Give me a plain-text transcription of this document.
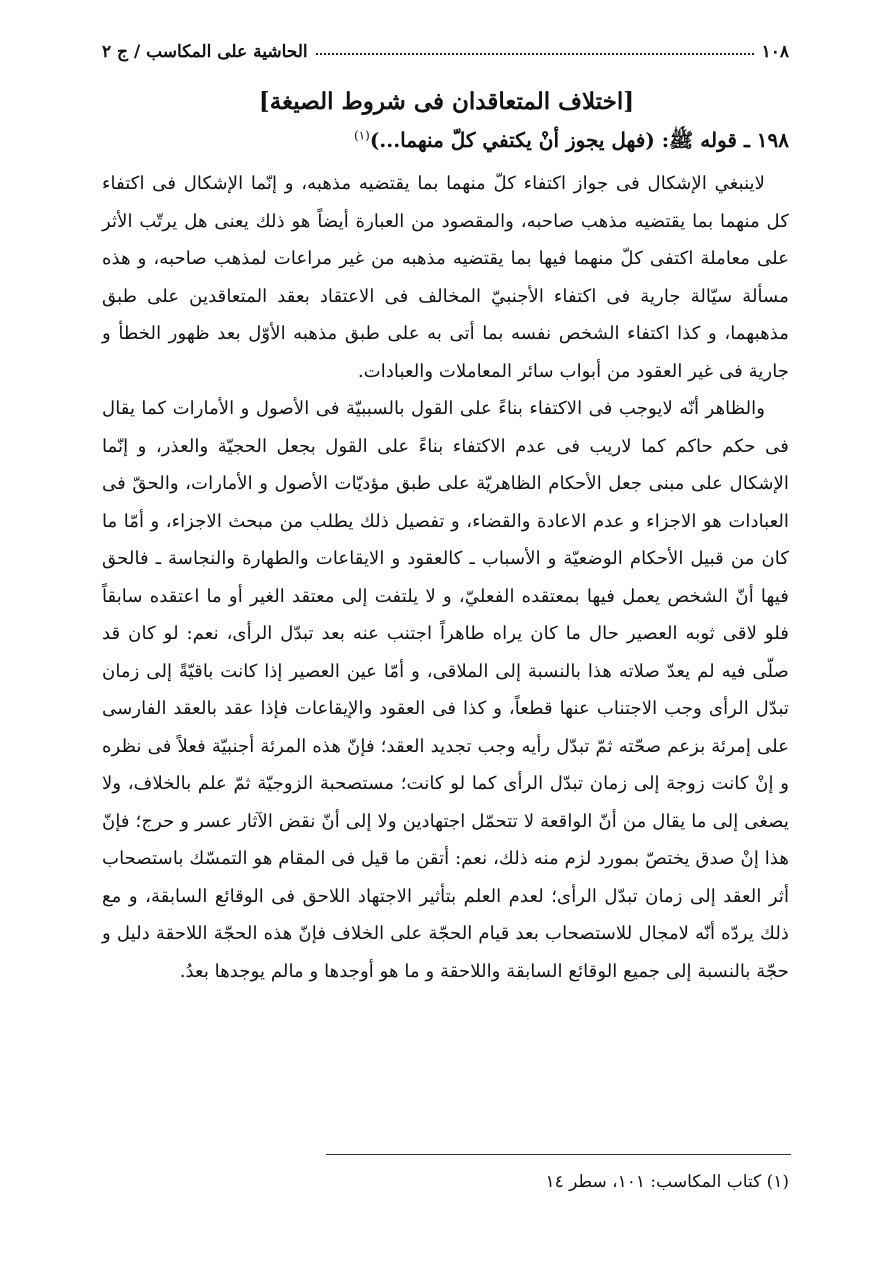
١٠٨
الحاشية على المكاسب / ج ٢
[اختلاف المتعاقدان فی شروط الصيغة]
١٩٨ ـ قوله ﷺ: (فهل يجوز أنْ يكتفي كلّ منهما...)$^{(١)}$

لاينبغي الإشكال فى جواز اكتفاء كلّ منهما بما يقتضيه مذهبه، و إنّما الإشكال فى اكتفاء كل منهما بما يقتضيه مذهب صاحبه، والمقصود من العبارة أيضاً هو ذلك يعنى هل يرتّب الأثر على معاملة اكتفى كلّ منهما فيها بما يقتضيه مذهبه من غير مراعات لمذهب صاحبه، و هذه مسألة سيّالة جارية فى اكتفاء الأجنبيّ المخالف فى الاعتقاد بعقد المتعاقدين على طبق مذهبهما، و كذا اكتفاء الشخص نفسه بما أتى به على طبق مذهبه الأوّل بعد ظهور الخطأ و جارية فى غير العقود من أبواب سائر المعاملات والعبادات.

والظاهر أنّه لايوجب فى الاكتفاء بناءً على القول بالسببيّة فى الأصول و الأمارات كما يقال فى حكم حاكم كما لاريب فى عدم الاكتفاء بناءً على القول بجعل الحجيّة والعذر، و إنّما الإشكال على مبنى جعل الأحكام الظاهريّة على طبق مؤديّات الأصول و الأمارات، والحقّ فى العبادات هو الاجزاء و عدم الاعادة والقضاء، و تفصيل ذلك يطلب من مبحث الاجزاء، و أمّا ما كان من قبيل الأحكام الوضعيّة و الأسباب ـ كالعقود و الايقاعات والطهارة والنجاسة ـ فالحق فيها أنّ الشخص يعمل فيها بمعتقده الفعليّ، و لا يلتفت إلى معتقد الغير أو ما اعتقده سابقاً فلو لاقى ثوبه العصير حال ما كان يراه طاهراً اجتنب عنه بعد تبدّل الرأى، نعم: لو كان قد صلّى فيه لم يعدّ صلاته هذا بالنسبة إلى الملاقى، و أمّا عين العصير إذا كانت باقيّةً إلى زمان تبدّل الرأى وجب الاجتناب عنها قطعاً، و كذا فى العقود والإيقاعات فإذا عقد بالعقد الفارسى على إمرئة بزعم صحّته ثمّ تبدّل رأيه وجب تجديد العقد؛ فإنّ هذه المرئة أجنبيّة فعلاً فى نظره و إنْ كانت زوجة إلى زمان تبدّل الرأى كما لو كانت؛ مستصحبة الزوجيّة ثمّ علم بالخلاف، ولا يصغى إلى ما يقال من أنّ الواقعة لا تتحمّل اجتهادين ولا إلى أنّ نقض الآثار عسر و حرج؛ فإنّ هذا إنْ صدق يختصّ بمورد لزم منه ذلك، نعم: أتقن ما قيل فى المقام هو التمسّك باستصحاب أثر العقد إلى زمان تبدّل الرأى؛ لعدم العلم بتأثير الاجتهاد اللاحق فى الوقائع السابقة، و مع ذلك يردّه أنّه لامجال للاستصحاب بعد قيام الحجّة على الخلاف فإنّ هذه الحجّة اللاحقة دليل و حجّة بالنسبة إلى جميع الوقائع السابقة واللاحقة و ما هو أوجدها و مالم يوجدها بعدُ.

(١) كتاب المكاسب: ١٠١، سطر ١٤
